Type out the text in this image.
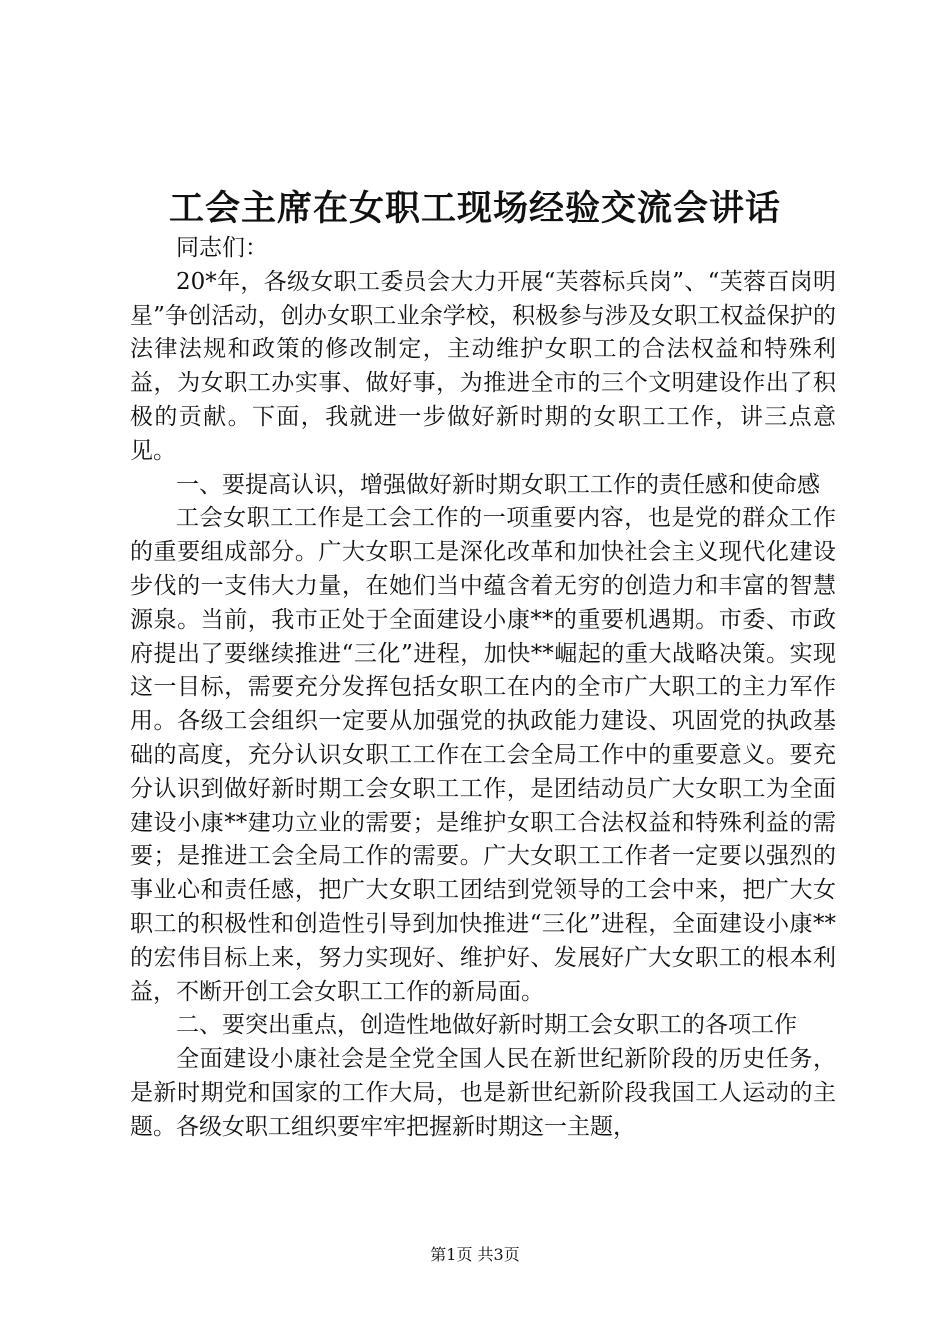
工会主席在女职工现场经验交流会讲话

同志们：

20*年，各级女职工委员会大力开展“芙蓉标兵岗”、“芙蓉百岗明星”争创活动，创办女职工业余学校，积极参与涉及女职工权益保护的法律法规和政策的修改制定，主动维护女职工的合法权益和特殊利益，为女职工办实事、做好事，为推进全市的三个文明建设作出了积极的贡献。下面，我就进一步做好新时期的女职工工作，讲三点意见。

一、要提高认识，增强做好新时期女职工工作的责任感和使命感

工会女职工工作是工会工作的一项重要内容，也是党的群众工作的重要组成部分。广大女职工是深化改革和加快社会主义现代化建设步伐的一支伟大力量，在她们当中蕴含着无穷的创造力和丰富的智慧源泉。当前，我市正处于全面建设小康**的重要机遇期。市委、市政府提出了要继续推进“三化”进程，加快**崛起的重大战略决策。实现这一目标，需要充分发挥包括女职工在内的全市广大职工的主力军作用。各级工会组织一定要从加强党的执政能力建设、巩固党的执政基础的高度，充分认识女职工工作在工会全局工作中的重要意义。要充分认识到做好新时期工会女职工工作，是团结动员广大女职工为全面建设小康**建功立业的需要；是维护女职工合法权益和特殊利益的需要；是推进工会全局工作的需要。广大女职工工作者一定要以强烈的事业心和责任感，把广大女职工团结到党领导的工会中来，把广大女职工的积极性和创造性引导到加快推进“三化”进程，全面建设小康**的宏伟目标上来，努力实现好、维护好、发展好广大女职工的根本利益，不断开创工会女职工工作的新局面。

二、要突出重点，创造性地做好新时期工会女职工的各项工作

全面建设小康社会是全党全国人民在新世纪新阶段的历史任务，是新时期党和国家的工作大局，也是新世纪新阶段我国工人运动的主题。各级女职工组织要牢牢把握新时期这一主题，

第1页 共3页
